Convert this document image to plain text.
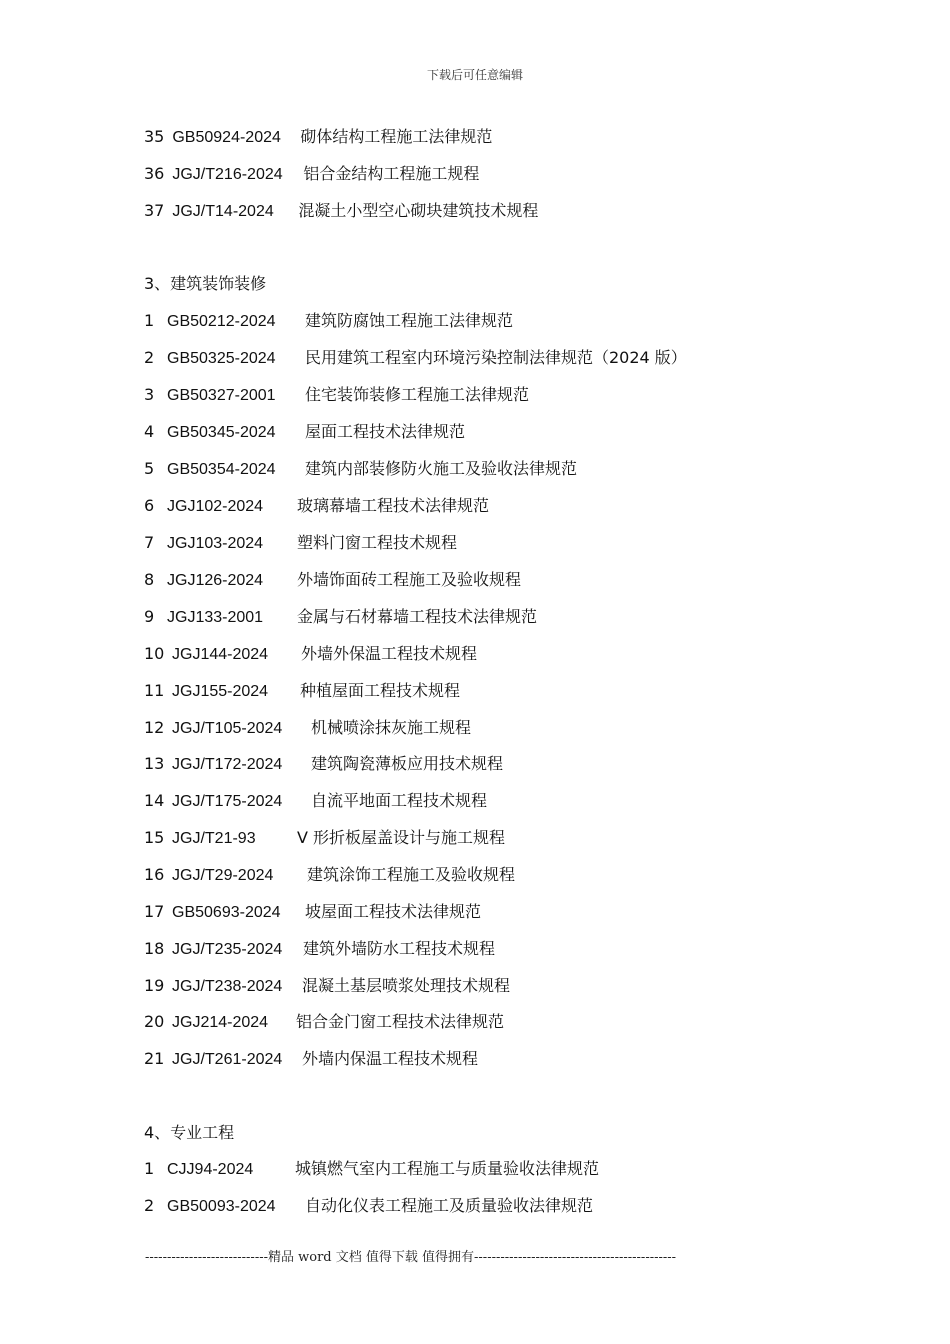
下载后可任意编辑
35 GB50924-2024 砌体结构工程施工法律规范
36 JGJ/T216-2024 铝合金结构工程施工规程
37 JGJ/T14-2024 混凝土小型空心砌块建筑技术规程
3、建筑装饰装修
1 GB50212-2024 建筑防腐蚀工程施工法律规范
2 GB50325-2024 民用建筑工程室内环境污染控制法律规范（2024 版）
3 GB50327-2001 住宅装饰装修工程施工法律规范
4 GB50345-2024 屋面工程技术法律规范
5 GB50354-2024 建筑内部装修防火施工及验收法律规范
6 JGJ102-2024 玻璃幕墙工程技术法律规范
7 JGJ103-2024 塑料门窗工程技术规程
8 JGJ126-2024 外墙饰面砖工程施工及验收规程
9 JGJ133-2001 金属与石材幕墙工程技术法律规范
10 JGJ144-2024 外墙外保温工程技术规程
11 JGJ155-2024 种植屋面工程技术规程
12 JGJ/T105-2024 机械喷涂抹灰施工规程
13 JGJ/T172-2024 建筑陶瓷薄板应用技术规程
14 JGJ/T175-2024 自流平地面工程技术规程
15 JGJ/T21-93	V 形折板屋盖设计与施工规程
16 JGJ/T29-2024 建筑涂饰工程施工及验收规程
17 GB50693-2024 坡屋面工程技术法律规范
18 JGJ/T235-2024 建筑外墙防水工程技术规程
19 JGJ/T238-2024 混凝土基层喷浆处理技术规程
20 JGJ214-2024 铝合金门窗工程技术法律规范
21 JGJ/T261-2024 外墙内保温工程技术规程
4、专业工程
1 CJJ94-2024	城镇燃气室内工程施工与质量验收法律规范
2 GB50093-2024 自动化仪表工程施工及质量验收法律规范
----------------------------精品 word 文档 值得下载 值得拥有----------------------------------------------
